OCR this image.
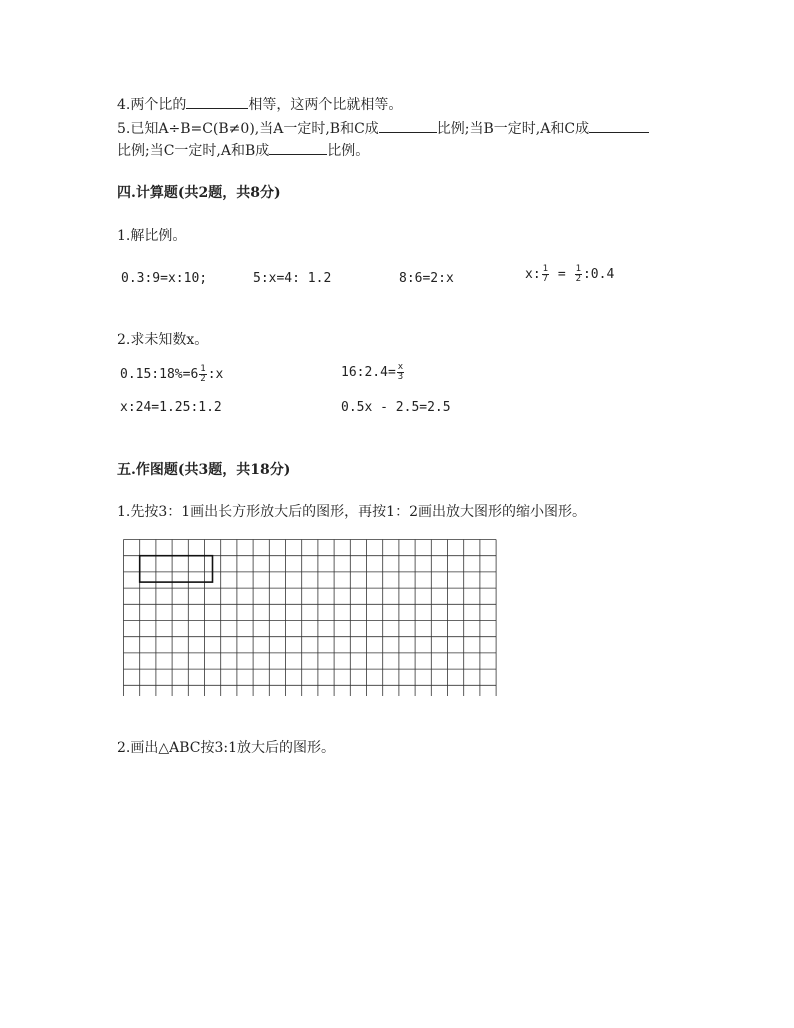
4.两个比的	相等，这两个比就相等。
5.已知A÷B=C(B≠0),当A一定时,B和C成	比例;当B一定时,A和C成
比例;当C一定时,A和B成	比例。
四.计算题(共2题，共8分)
1.解比例。
0.3:9=x:10;	5:x=4: 1.2	8:6=2:x	x: $\frac{1}{7} = \frac{1}{2}$ :0.4
2.求未知数x。
0.15:18%=6 $\frac{1}{2}$ :x	16:2.4= $\frac{x}{3}$
x:24=1.25:1.2	0.5x - 2.5=2.5
五.作图题(共3题，共18分)
1.先按3：1画出长方形放大后的图形，再按1：2画出放大图形的缩小图形。
2.画出△ABC按3:1放大后的图形。
